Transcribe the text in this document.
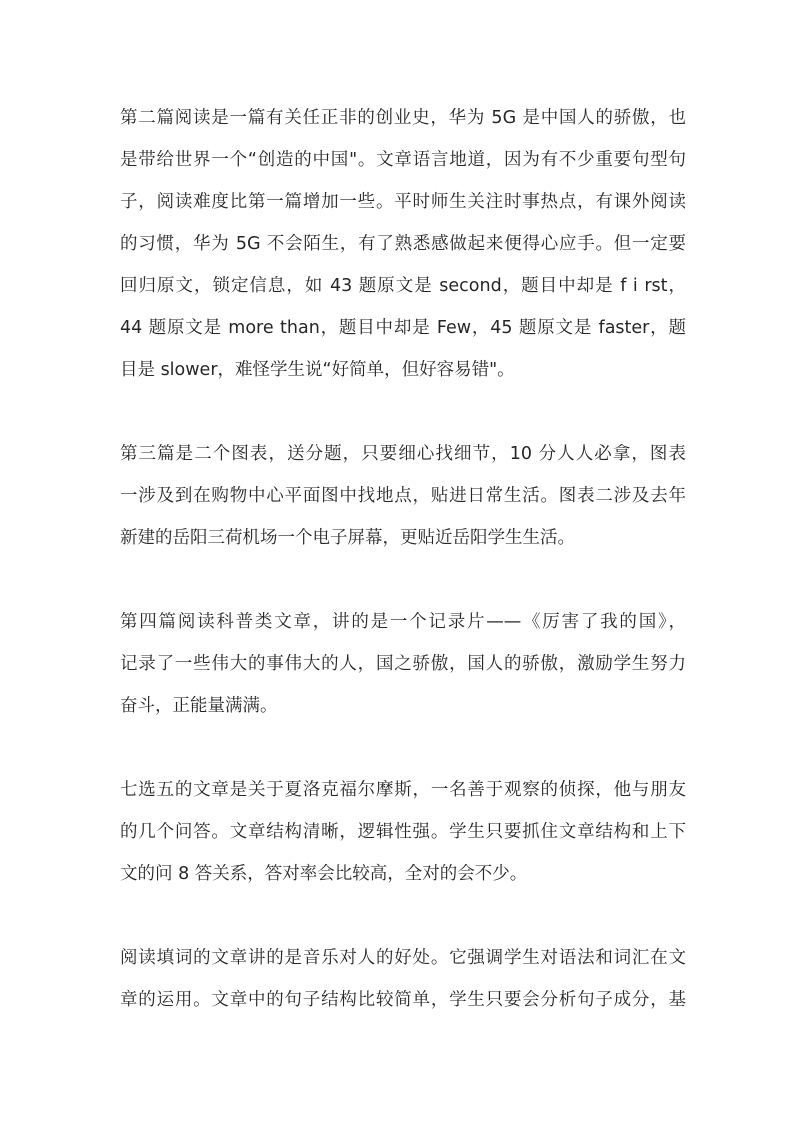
第二篇阅读是一篇有关任正非的创业史，华为 5G 是中国人的骄傲，也
是带给世界一个“创造的中国"。文章语言地道，因为有不少重要句型句
子，阅读难度比第一篇增加一些。平时师生关注时事热点，有课外阅读
的习惯，华为 5G 不会陌生，有了熟悉感做起来便得心应手。但一定要
回归原文，锁定信息，如 43 题原文是 second，题目中却是 f i rst，
44 题原文是 more than，题目中却是 Few，45 题原文是 faster，题
目是 slower，难怪学生说“好简单，但好容易错"。
第三篇是二个图表，送分题，只要细心找细节，10 分人人必拿，图表
一涉及到在购物中心平面图中找地点，贴进日常生活。图表二涉及去年
新建的岳阳三荷机场一个电子屏幕，更贴近岳阳学生生活。
第四篇阅读科普类文章，讲的是一个记录片——《厉害了我的国》，
记录了一些伟大的事伟大的人，国之骄傲，国人的骄傲，激励学生努力
奋斗，正能量满满。
七选五的文章是关于夏洛克福尔摩斯，一名善于观察的侦探，他与朋友
的几个问答。文章结构清晰，逻辑性强。学生只要抓住文章结构和上下
文的问 8 答关系，答对率会比较高，全对的会不少。
阅读填词的文章讲的是音乐对人的好处。它强调学生对语法和词汇在文
章的运用。文章中的句子结构比较简单，学生只要会分析句子成分，基
